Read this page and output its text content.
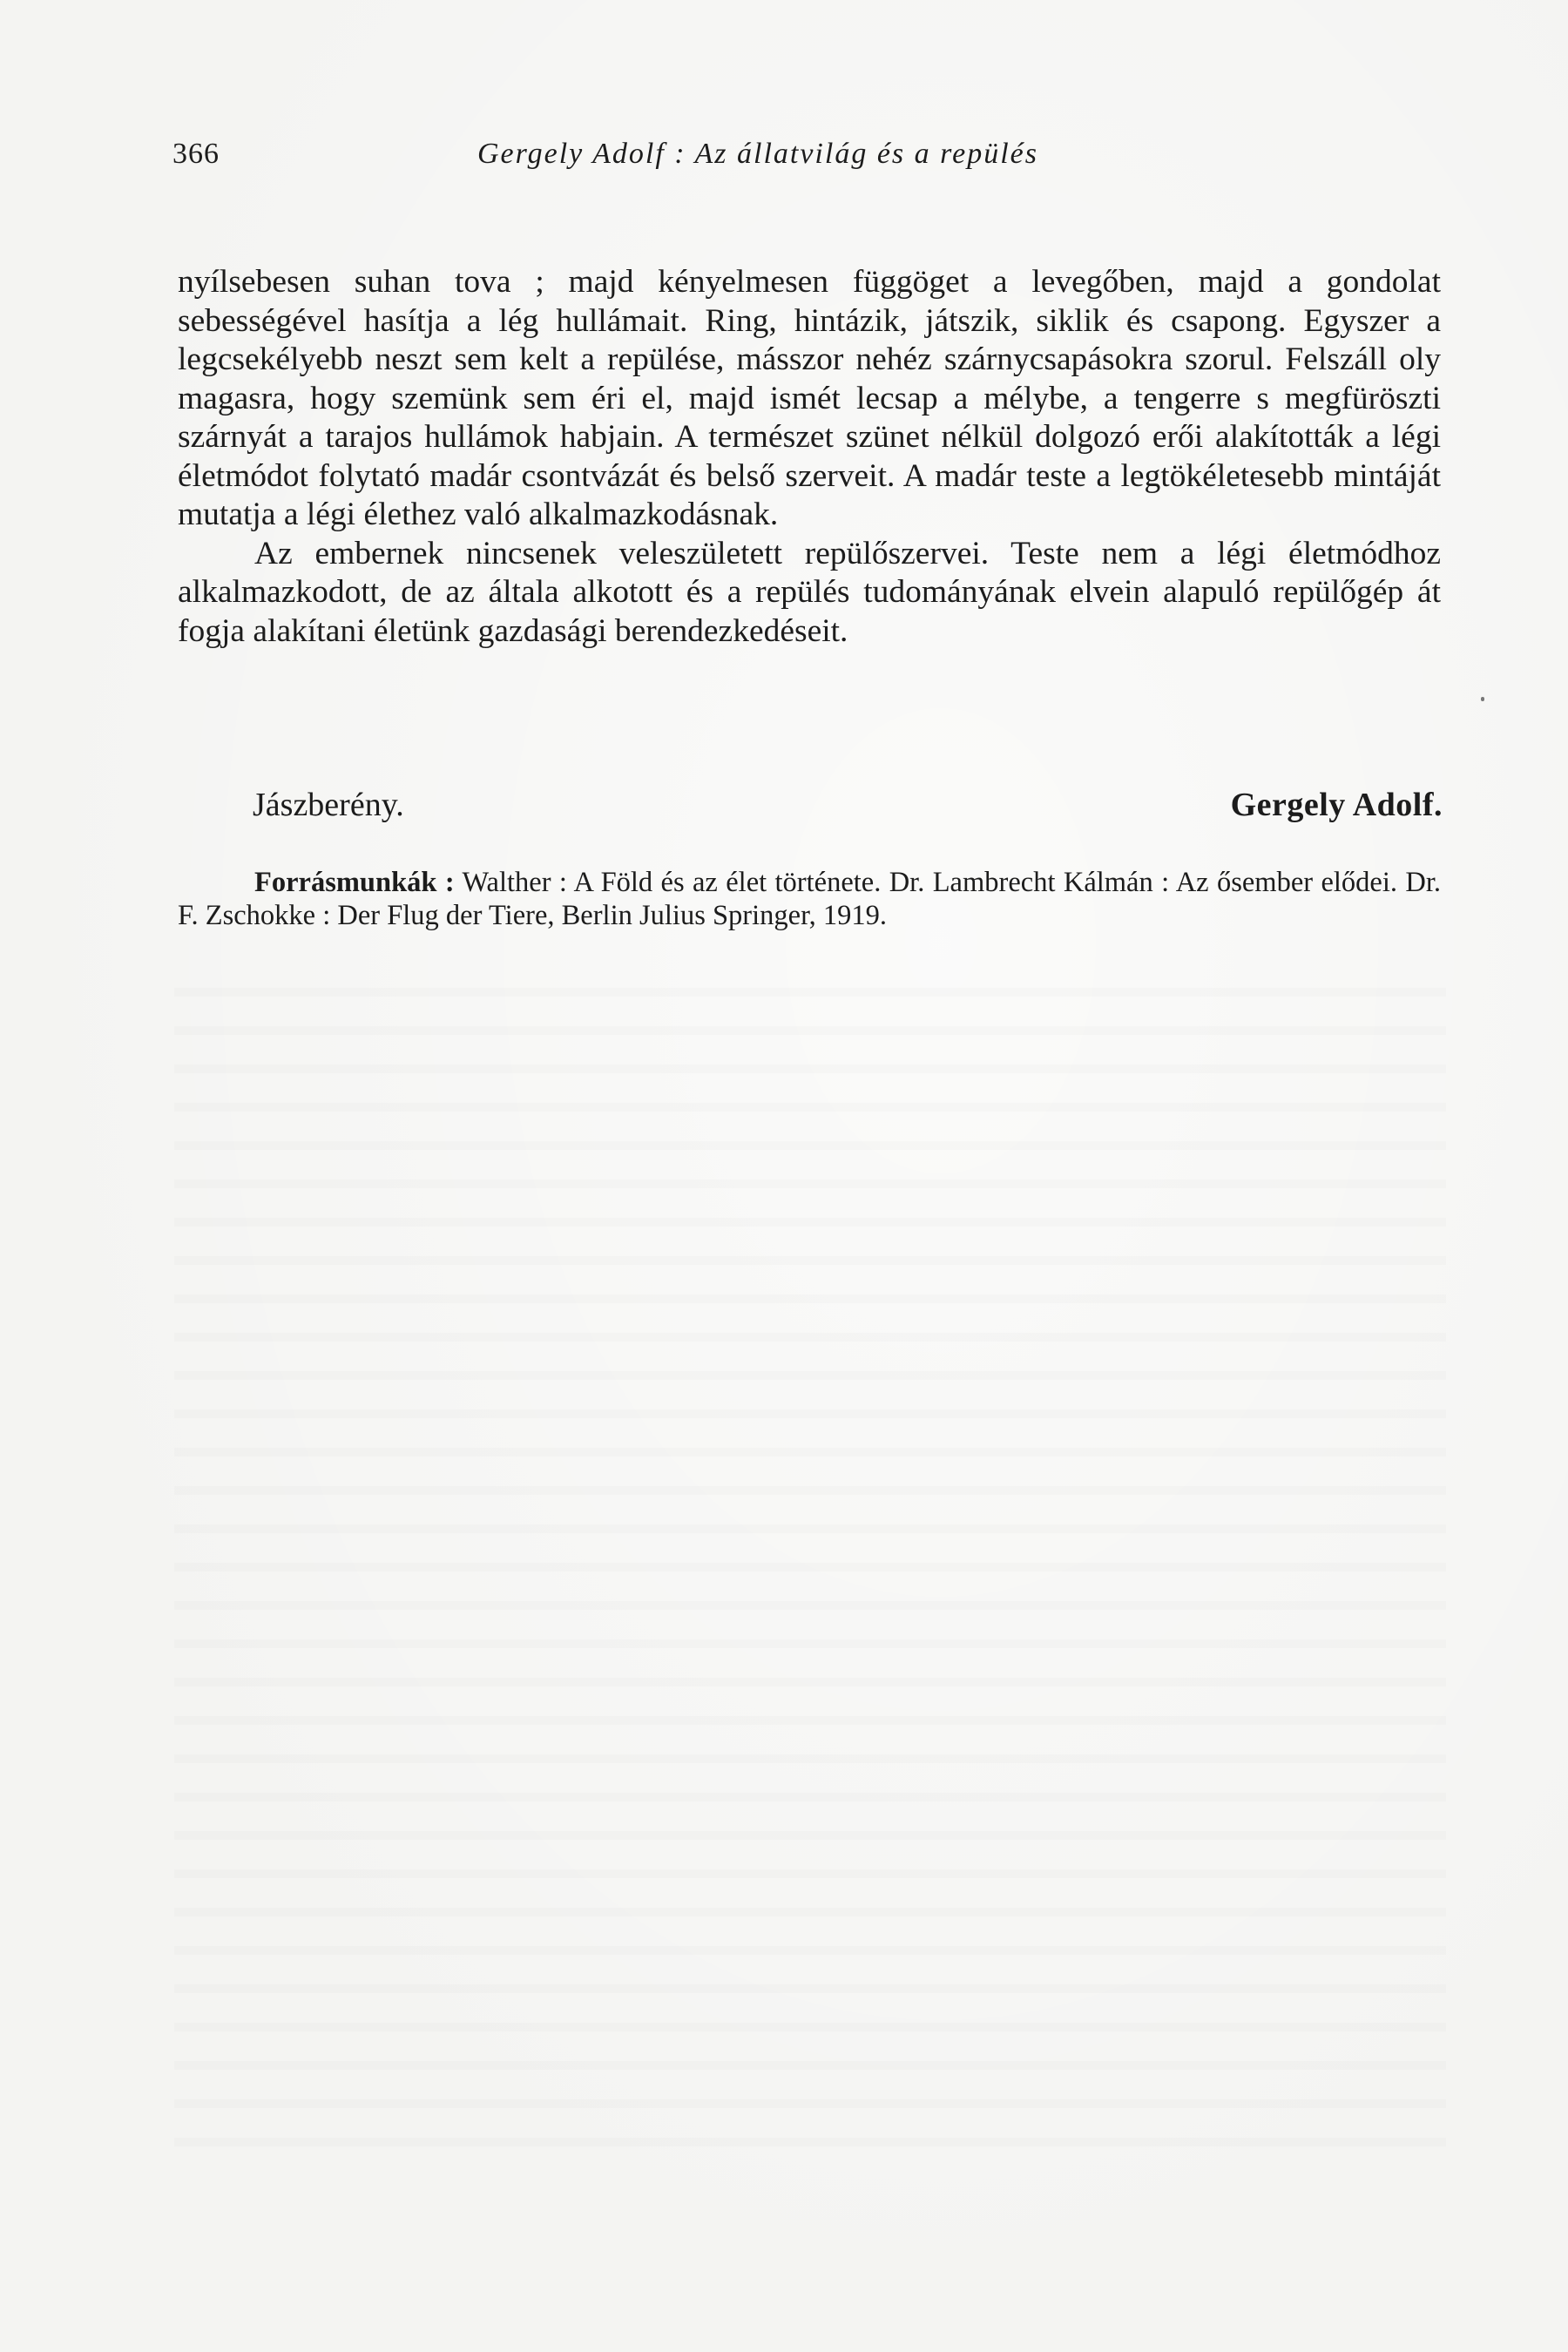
366	Gergely Adolf : Az állatvilág és a repülés

nyílsebesen suhan tova ; majd kényelmesen függöget a levegőben, majd a gondolat sebességével hasítja a lég hullámait. Ring, hintázik, játszik, siklik és csapong. Egyszer a legcsekélyebb neszt sem kelt a repülése, másszor nehéz szárnycsapásokra szorul. Felszáll oly magasra, hogy szemünk sem éri el, majd ismét lecsap a mélybe, a tengerre s megfüröszti szárnyát a tarajos hullámok habjain. A természet szünet nélkül dolgozó erői alakították a légi életmódot folytató madár csontvázát és belső szerveit. A madár teste a legtökéletesebb mintáját mutatja a légi élethez való alkalmazkodásnak.

Az embernek nincsenek veleszületett repülőszervei. Teste nem a légi életmódhoz alkalmazkodott, de az általa alkotott és a repülés tudományának elvein alapuló repülőgép át fogja alakítani életünk gazdasági berendezkedéseit.

Jászberény.	Gergely Adolf.
Forrásmunkák : Walther : A Föld és az élet története. Dr. Lambrecht Kálmán : Az ősember elődei. Dr. F. Zschokke : Der Flug der Tiere, Berlin Julius Springer, 1919.
